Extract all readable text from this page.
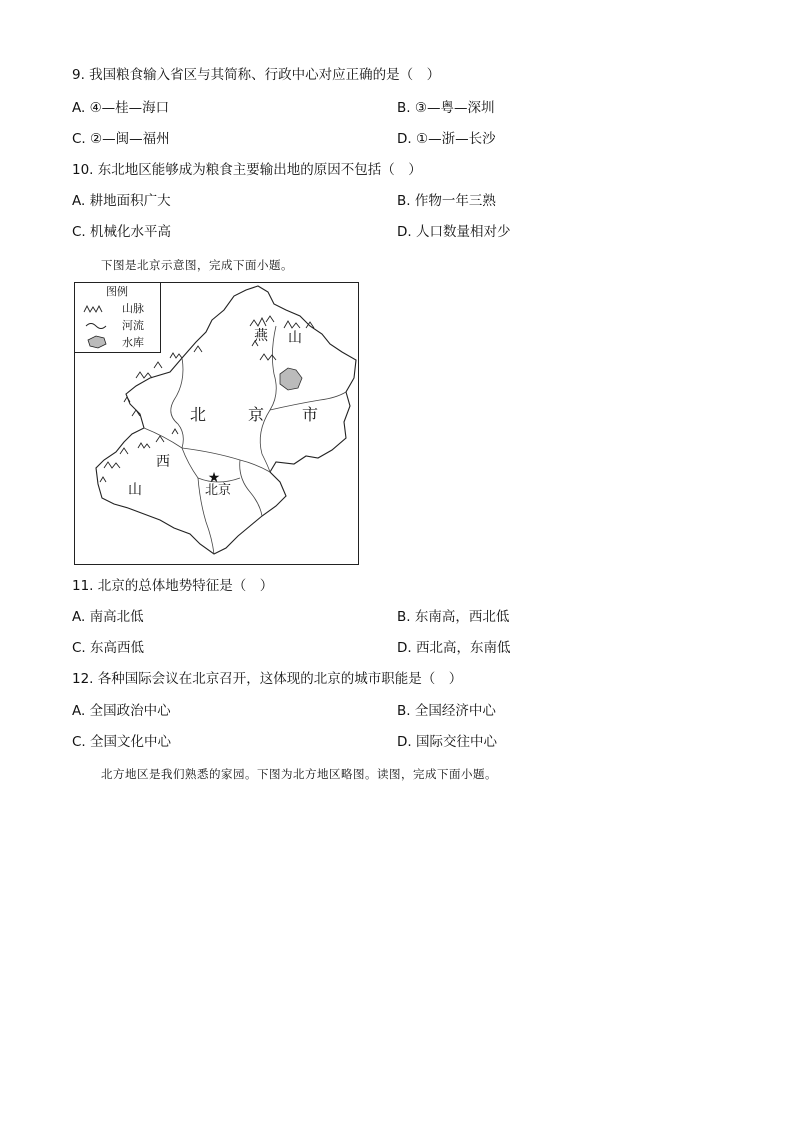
9. 我国粮食输入省区与其简称、行政中心对应正确的是（　）
A. ④—桂—海口	B. ③—粤—深圳
C. ②—闽—福州	D. ①—浙—长沙
10. 东北地区能够成为粮食主要输出地的原因不包括（　）
A. 耕地面积广大	B. 作物一年三熟
C. 机械化水平高	D. 人口数量相对少
下图是北京示意图，完成下面小题。
图例
山脉
河流
水库
北	京 市
燕 山
西
山
★
北京
11. 北京的总体地势特征是（　）
A. 南高北低	B. 东南高，西北低
C. 东高西低	D. 西北高，东南低
12. 各种国际会议在北京召开，这体现的北京的城市职能是（　）
A. 全国政治中心	B. 全国经济中心
C. 全国文化中心	D. 国际交往中心
北方地区是我们熟悉的家园。下图为北方地区略图。读图，完成下面小题。
